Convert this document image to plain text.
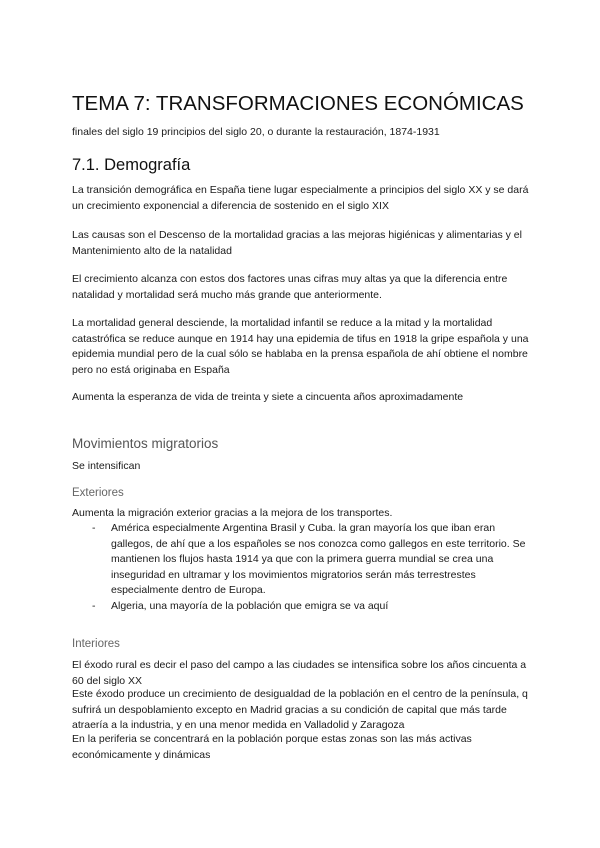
TEMA 7: TRANSFORMACIONES ECONÓMICAS

finales del siglo 19 principios del siglo 20, o durante la restauración, 1874-1931

7.1. Demografía

La transición demográfica en España tiene lugar especialmente a principios del siglo XX y se dará un crecimiento exponencial a diferencia de sostenido en el siglo XIX

Las causas son el Descenso de la mortalidad gracias a las mejoras higiénicas y alimentarias y el Mantenimiento alto de la natalidad

El crecimiento alcanza con estos dos factores unas cifras muy altas ya que la diferencia entre natalidad y mortalidad será mucho más grande que anteriormente.

La mortalidad general desciende, la mortalidad infantil se reduce a la mitad y la mortalidad catastrófica se reduce aunque en 1914 hay una epidemia de tifus en 1918 la gripe española y una epidemia mundial pero de la cual sólo se hablaba en la prensa española de ahí obtiene el nombre pero no está originaba en España

Aumenta la esperanza de vida de treinta y siete a cincuenta años aproximadamente

Movimientos migratorios

Se intensifican

Exteriores

Aumenta la migración exterior gracias a la mejora de los transportes.

- América especialmente Argentina Brasil y Cuba. la gran mayoría los que iban eran gallegos, de ahí que a los españoles se nos conozca como gallegos en este territorio. Se mantienen los flujos hasta 1914 ya que con la primera guerra mundial se crea una inseguridad en ultramar y los movimientos migratorios serán más terrestrestes especialmente dentro de Europa.
- Algeria, una mayoría de la población que emigra se va aquí
Interiores

El éxodo rural es decir el paso del campo a las ciudades se intensifica sobre los años cincuenta a 60 del siglo XX

Este éxodo produce un crecimiento de desigualdad de la población en el centro de la península, q sufrirá un despoblamiento excepto en Madrid gracias a su condición de capital que más tarde atraería a la industria, y en una menor medida en Valladolid y Zaragoza

En la periferia se concentrará en la población porque estas zonas son las más activas económicamente y dinámicas
